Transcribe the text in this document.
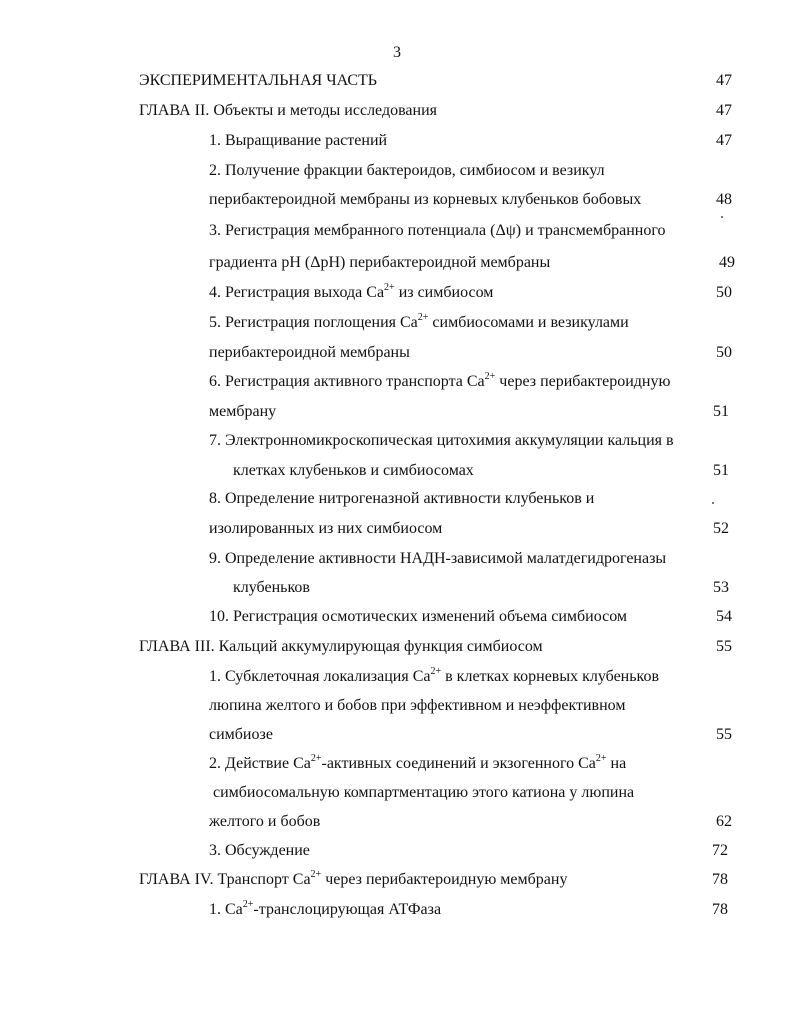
3
ЭКСПЕРИМЕНТАЛЬНАЯ ЧАСТЬ	47
ГЛАВА II. Объекты и методы исследования	47
1. Выращивание растений	47
2. Получение фракции бактероидов, симбиосом и везикул
перибактероидной мембраны из корневых клубеньков бобовых	48
3. Регистрация мембранного потенциала (Δψ) и трансмембранного
градиента pH (ΔpH) перибактероидной мембраны	49
4. Регистрация выхода $Ca^{2+}$ из симбиосом	50
5. Регистрация поглощения $Ca^{2+}$ симбиосомами и везикулами
перибактероидной мембраны	50
6. Регистрация активного транспорта $Ca^{2+}$ через перибактероидную
мембрану	51
7. Электронномикроскопическая цитохимия аккумуляции кальция в
клетках клубеньков и симбиосомах	51
8. Определение нитрогеназной активности клубеньков и
изолированных из них симбиосом	52
9. Определение активности НАДН-зависимой малатдегидрогеназы
клубеньков	53
10. Регистрация осмотических изменений объема симбиосом	54
ГЛАВА III. Кальций аккумулирующая функция симбиосом	55
1. Субклеточная локализация $Ca^{2+}$ в клетках корневых клубеньков
люпина желтого и бобов при эффективном и неэффективном
симбиозе	55
2. Действие $Ca^{2+}$-активных соединений и экзогенного $Ca^{2+}$ на
симбиосомальную компартментацию этого катиона у люпина
желтого и бобов	62
3. Обсуждение	72
ГЛАВА IV. Транспорт $Ca^{2+}$ через перибактероидную мембрану	78
1. $Ca^{2+}$-транслоцирующая АТФаза	78
